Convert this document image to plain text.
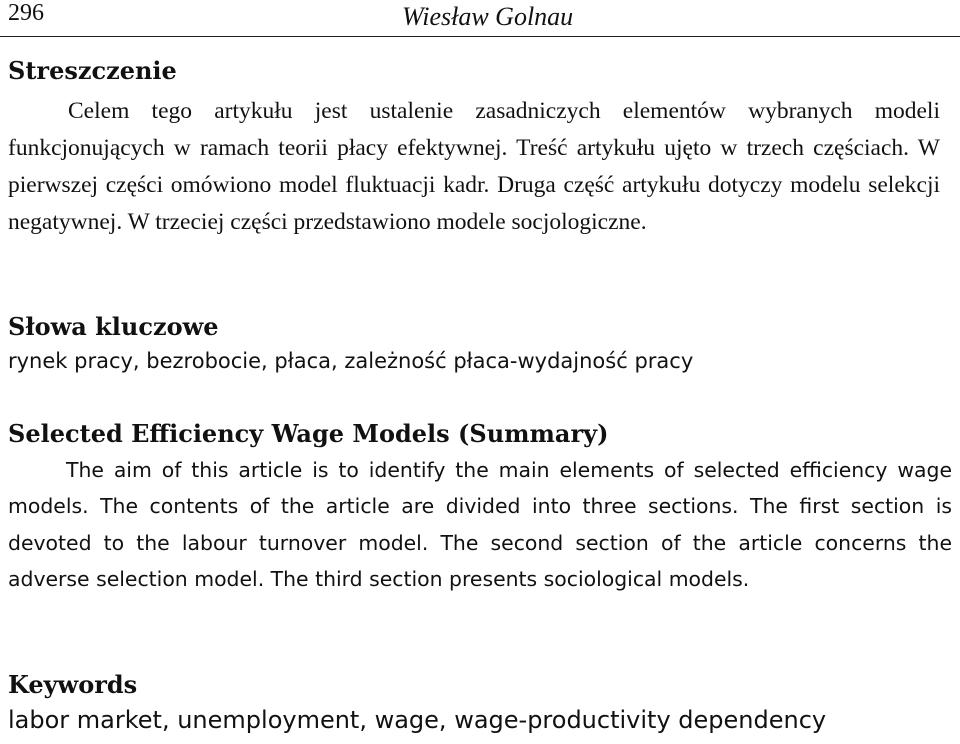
296	Wiesław Golnau
Streszczenie

Celem tego artykułu jest ustalenie zasadniczych elementów wybranych modeli funkcjonujących w ramach teorii płacy efektywnej. Treść artykułu ujęto w trzech częściach. W pierwszej części omówiono model fluktuacji kadr. Druga część artykułu dotyczy modelu selekcji negatywnej. W trzeciej części przedstawiono modele socjologiczne.

Słowa kluczowe

rynek pracy, bezrobocie, płaca, zależność płaca-wydajność pracy

Selected Efficiency Wage Models (Summary)

The aim of this article is to identify the main elements of selected efficiency wage models. The contents of the article are divided into three sections. The first section is devoted to the labour turnover model. The second section of the article concerns the adverse selection model. The third section presents sociological models.

Keywords

labor market, unemployment, wage, wage-productivity dependency
